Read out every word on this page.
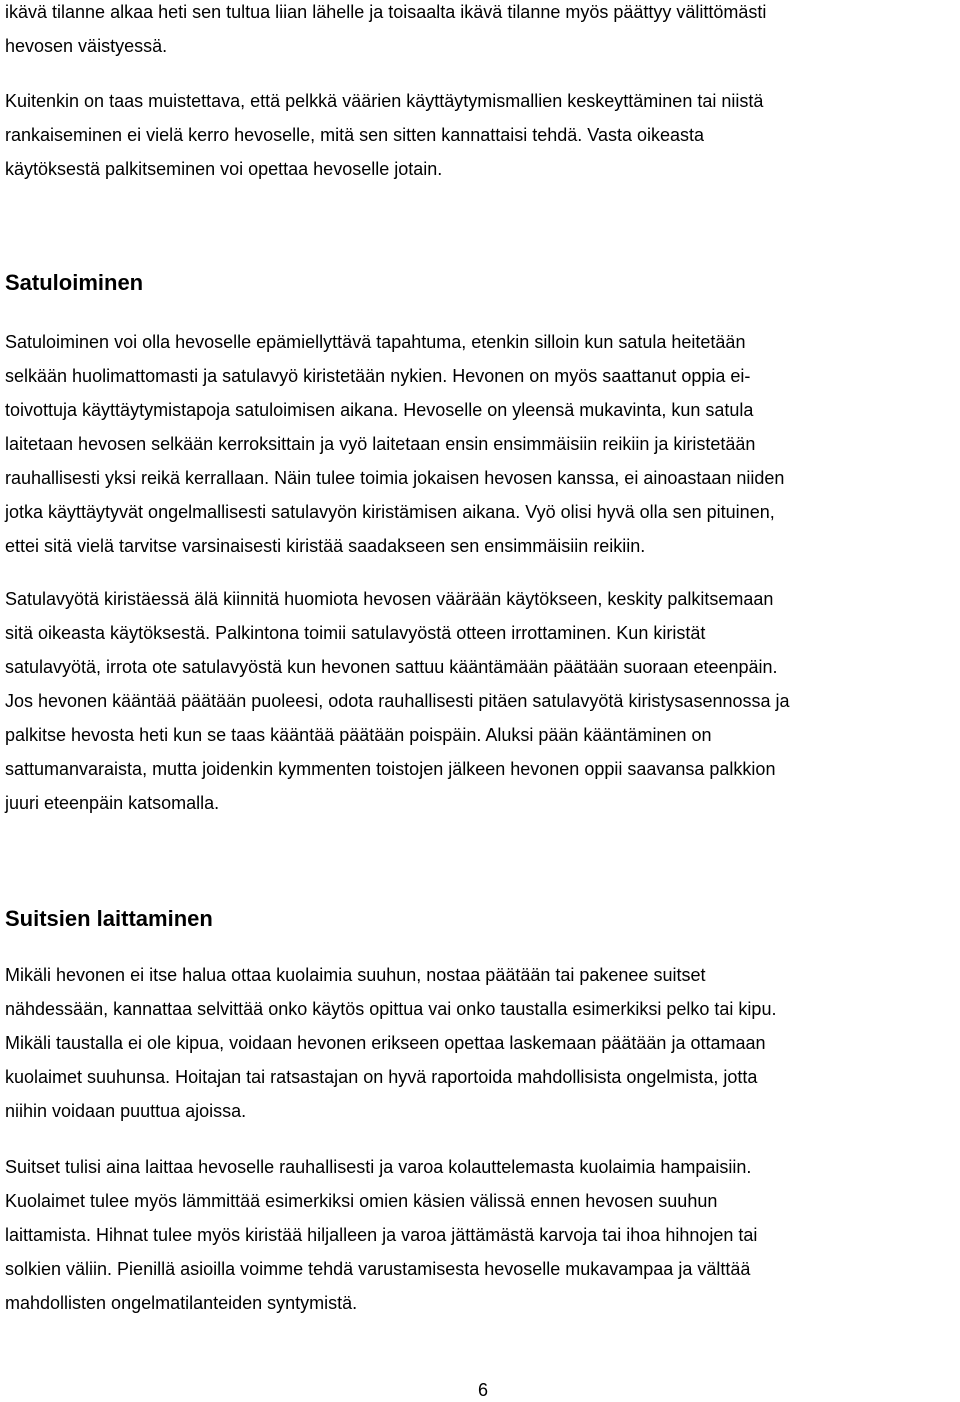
ikävä tilanne alkaa heti sen tultua liian lähelle ja toisaalta ikävä tilanne myös päättyy välittömästi
hevosen väistyessä.

Kuitenkin on taas muistettava, että pelkkä väärien käyttäytymismallien keskeyttäminen tai niistä
rankaiseminen ei vielä kerro hevoselle, mitä sen sitten kannattaisi tehdä. Vasta oikeasta
käytöksestä palkitseminen voi opettaa hevoselle jotain.

Satuloiminen

Satuloiminen voi olla hevoselle epämiellyttävä tapahtuma, etenkin silloin kun satula heitetään
selkään huolimattomasti ja satulavyö kiristetään nykien. Hevonen on myös saattanut oppia ei-
toivottuja käyttäytymistapoja satuloimisen aikana. Hevoselle on yleensä mukavinta, kun satula
laitetaan hevosen selkään kerroksittain ja vyö laitetaan ensin ensimmäisiin reikiin ja kiristetään
rauhallisesti yksi reikä kerrallaan. Näin tulee toimia jokaisen hevosen kanssa, ei ainoastaan niiden
jotka käyttäytyvät ongelmallisesti satulavyön kiristämisen aikana. Vyö olisi hyvä olla sen pituinen,
ettei sitä vielä tarvitse varsinaisesti kiristää saadakseen sen ensimmäisiin reikiin.

Satulavyötä kiristäessä älä kiinnitä huomiota hevosen väärään käytökseen, keskity palkitsemaan
sitä oikeasta käytöksestä. Palkintona toimii satulavyöstä otteen irrottaminen. Kun kiristät
satulavyötä, irrota ote satulavyöstä kun hevonen sattuu kääntämään päätään suoraan eteenpäin.
Jos hevonen kääntää päätään puoleesi, odota rauhallisesti pitäen satulavyötä kiristysasennossa ja
palkitse hevosta heti kun se taas kääntää päätään poispäin. Aluksi pään kääntäminen on
sattumanvaraista, mutta joidenkin kymmenten toistojen jälkeen hevonen oppii saavansa palkkion
juuri eteenpäin katsomalla.

Suitsien laittaminen

Mikäli hevonen ei itse halua ottaa kuolaimia suuhun, nostaa päätään tai pakenee suitset
nähdessään, kannattaa selvittää onko käytös opittua vai onko taustalla esimerkiksi pelko tai kipu.
Mikäli taustalla ei ole kipua, voidaan hevonen erikseen opettaa laskemaan päätään ja ottamaan
kuolaimet suuhunsa. Hoitajan tai ratsastajan on hyvä raportoida mahdollisista ongelmista, jotta
niihin voidaan puuttua ajoissa.

Suitset tulisi aina laittaa hevoselle rauhallisesti ja varoa kolauttelemasta kuolaimia hampaisiin.
Kuolaimet tulee myös lämmittää esimerkiksi omien käsien välissä ennen hevosen suuhun
laittamista. Hihnat tulee myös kiristää hiljalleen ja varoa jättämästä karvoja tai ihoa hihnojen tai
solkien väliin. Pienillä asioilla voimme tehdä varustamisesta hevoselle mukavampaa ja välttää
mahdollisten ongelmatilanteiden syntymistä.

6
